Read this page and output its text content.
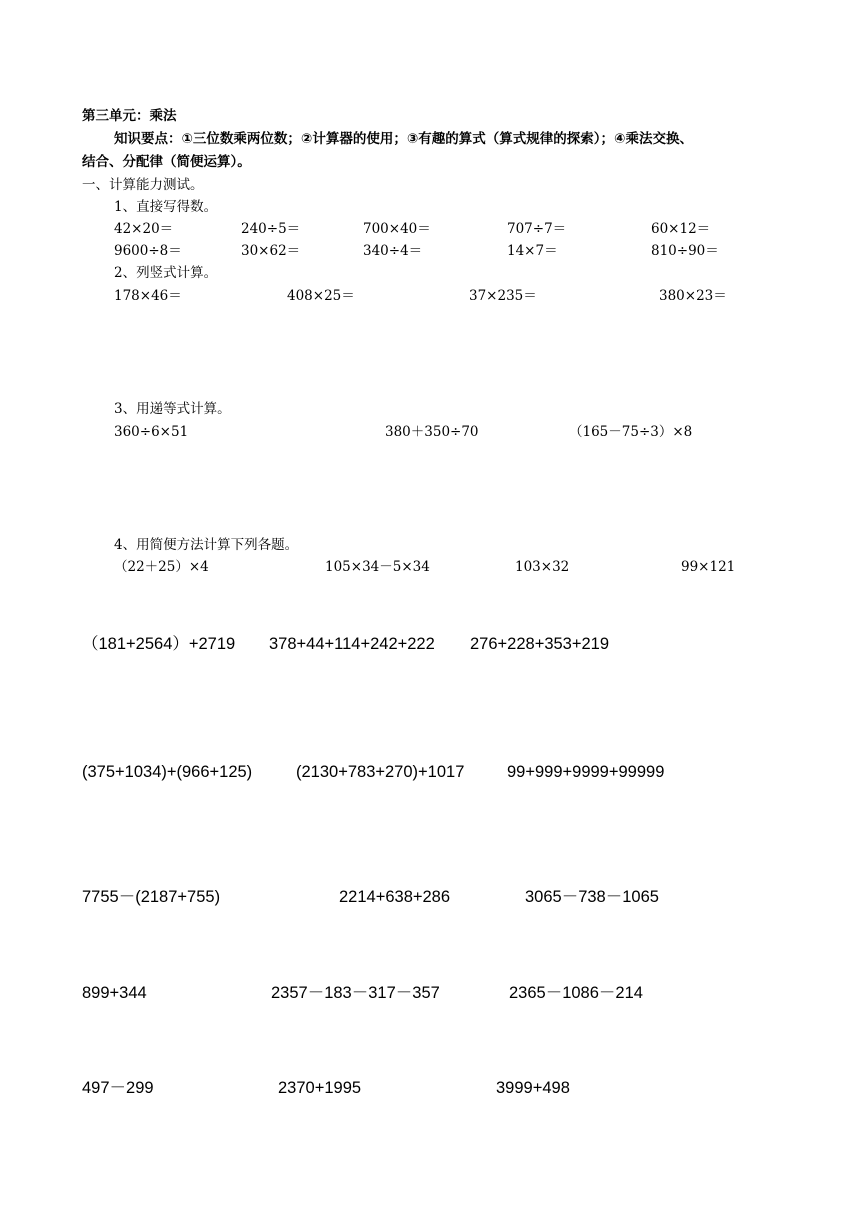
第三单元：乘法
知识要点：①三位数乘两位数；②计算器的使用；③有趣的算式（算式规律的探索）；④乘法交换、
结合、分配律（简便运算）。
一、计算能力测试。
1、直接写得数。
42×20＝	240÷5＝	700×40＝	707÷7＝	60×12＝
9600÷8＝	30×62＝	340÷4＝	14×7＝	810÷90＝
2、列竖式计算。
178×46＝	408×25＝	37×235＝	380×23＝
3、用递等式计算。
360÷6×51	380＋350÷70	（165－75÷3）×8
4、用简便方法计算下列各题。
（22＋25）×4	105×34－5×34	103×32	99×121
（181+2564）+2719 378+44+114+242+222 276+228+353+219
(375+1034)+(966+125)	(2130+783+270)+1017	99+999+9999+99999
7755－(2187+755)	2214+638+286	3065－738－1065
899+344	2357－183－317－357	2365－1086－214
497－299	2370+1995	3999+498
